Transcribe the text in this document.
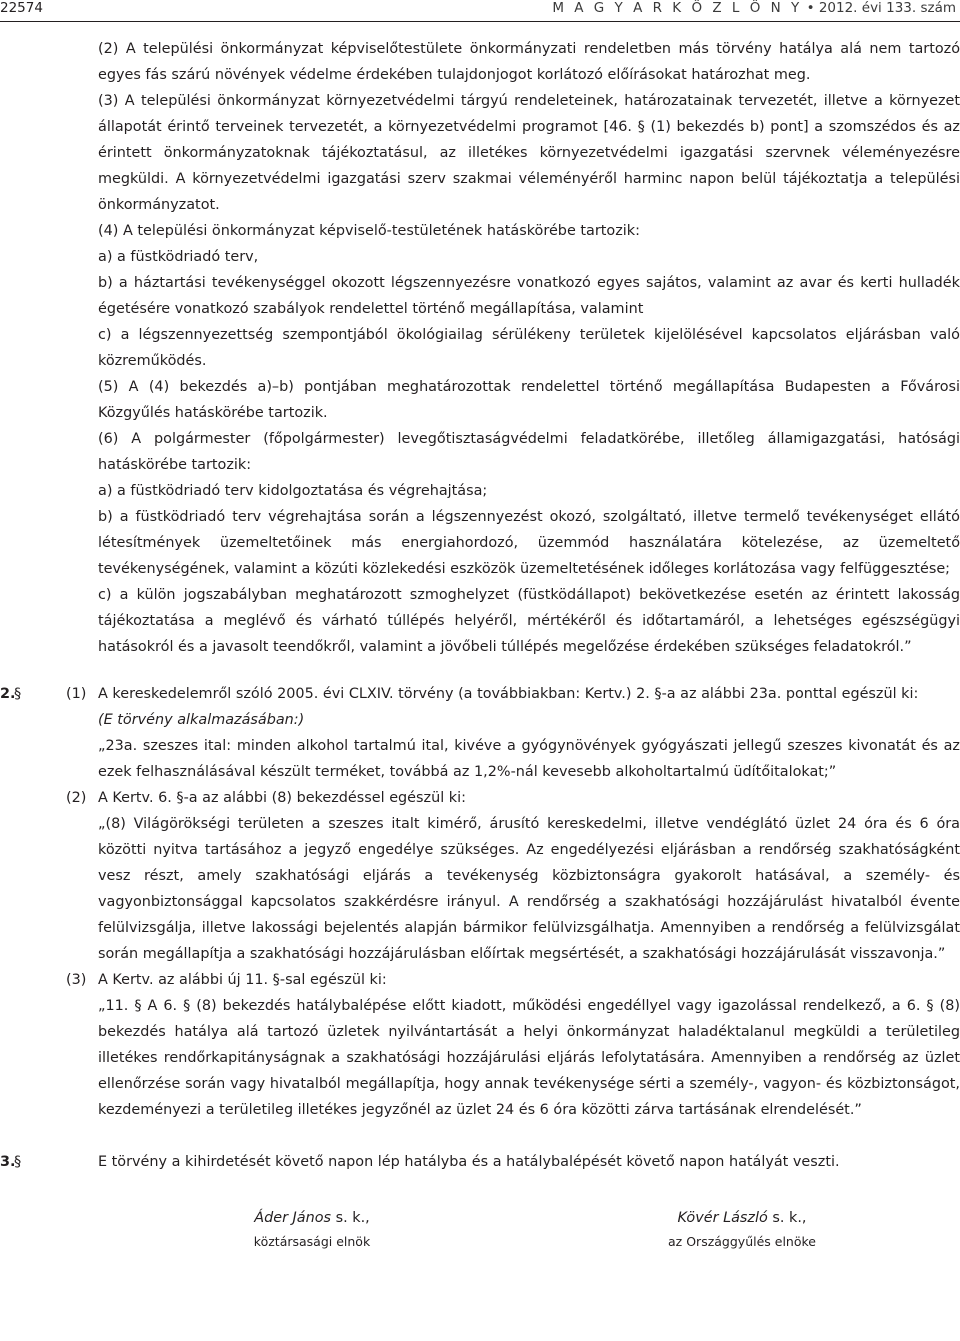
22574	M A G Y A R K Ö Z L Ö N Y • 2012. évi 133. szám

(2) A települési önkormányzat képviselőtestülete önkormányzati rendeletben más törvény hatálya alá nem tartozó egyes fás szárú növények védelme érdekében tulajdonjogot korlátozó előírásokat határozhat meg.

(3) A települési önkormányzat környezetvédelmi tárgyú rendeleteinek, határozatainak tervezetét, illetve a környezet állapotát érintő terveinek tervezetét, a környezetvédelmi programot [46. § (1) bekezdés b) pont] a szomszédos és az érintett önkormányzatoknak tájékoztatásul, az illetékes környezetvédelmi igazgatási szervnek véleményezésre megküldi. A környezetvédelmi igazgatási szerv szakmai véleményéről harminc napon belül tájékoztatja a települési önkormányzatot.

(4) A települési önkormányzat képviselő-testületének hatáskörébe tartozik:

a) a füstködriadó terv,

b) a háztartási tevékenységgel okozott légszennyezésre vonatkozó egyes sajátos, valamint az avar és kerti hulladék égetésére vonatkozó szabályok rendelettel történő megállapítása, valamint

c) a légszennyezettség szempontjából ökológiailag sérülékeny területek kijelölésével kapcsolatos eljárásban való közreműködés.

(5) A (4) bekezdés a)–b) pontjában meghatározottak rendelettel történő megállapítása Budapesten a Fővárosi Közgyűlés hatáskörébe tartozik.

(6) A polgármester (főpolgármester) levegőtisztaságvédelmi feladatkörébe, illetőleg államigazgatási, hatósági hatáskörébe tartozik:

a) a füstködriadó terv kidolgoztatása és végrehajtása;

b) a füstködriadó terv végrehajtása során a légszennyezést okozó, szolgáltató, illetve termelő tevékenységet ellátó létesítmények üzemeltetőinek más energiahordozó, üzemmód használatára kötelezése, az üzemeltető tevékenységének, valamint a közúti közlekedési eszközök üzemeltetésének időleges korlátozása vagy felfüggesztése;

c) a külön jogszabályban meghatározott szmoghelyzet (füstködállapot) bekövetkezése esetén az érintett lakosság tájékoztatása a meglévő és várható túllépés helyéről, mértékéről és időtartamáról, a lehetséges egészségügyi hatásokról és a javasolt teendőkről, valamint a jövőbeli túllépés megelőzése érdekében szükséges feladatokról.”

2.
§	(1) A kereskedelemről szóló 2005. évi CLXIV. törvény (a továbbiakban: Kertv.) 2. §-a az alábbi 23a. ponttal egészül ki:

(E törvény alkalmazásában:)

„23a. szeszes ital: minden alkohol tartalmú ital, kivéve a gyógynövények gyógyászati jellegű szeszes kivonatát és az ezek felhasználásával készült terméket, továbbá az 1,2%-nál kevesebb alkoholtartalmú üdítőitalokat;”

(2) A Kertv. 6. §-a az alábbi (8) bekezdéssel egészül ki:

„(8) Világörökségi területen a szeszes italt kimérő, árusító kereskedelmi, illetve vendéglátó üzlet 24 óra és 6 óra közötti nyitva tartásához a jegyző engedélye szükséges. Az engedélyezési eljárásban a rendőrség szakhatóságként vesz részt, amely szakhatósági eljárás a tevékenység közbiztonságra gyakorolt hatásával, a személy- és vagyonbiztonsággal kapcsolatos szakkérdésre irányul. A rendőrség a szakhatósági hozzájárulást hivatalból évente felülvizsgálja, illetve lakossági bejelentés alapján bármikor felülvizsgálhatja. Amennyiben a rendőrség a felülvizsgálat során megállapítja a szakhatósági hozzájárulásban előírtak megsértését, a szakhatósági hozzájárulását visszavonja.”

(3) A Kertv. az alábbi új 11. §-sal egészül ki:

„11. § A 6. § (8) bekezdés hatálybalépése előtt kiadott, működési engedéllyel vagy igazolással rendelkező, a 6. § (8) bekezdés hatálya alá tartozó üzletek nyilvántartását a helyi önkormányzat haladéktalanul megküldi a területileg illetékes rendőrkapitányságnak a szakhatósági hozzájárulási eljárás lefolytatására. Amennyiben a rendőrség az üzlet ellenőrzése során vagy hivatalból megállapítja, hogy annak tevékenysége sérti a személy-, vagyon- és közbiztonságot, kezdeményezi a területileg illetékes jegyzőnél az üzlet 24 és 6 óra közötti zárva tartásának elrendelését.”

3.
§	E törvény a kihirdetését követő napon lép hatályba és a hatálybalépését követő napon hatályát veszti.

Áder János s. k.,
köztársasági elnök
Kövér László s. k.,
az Országgyűlés elnöke
